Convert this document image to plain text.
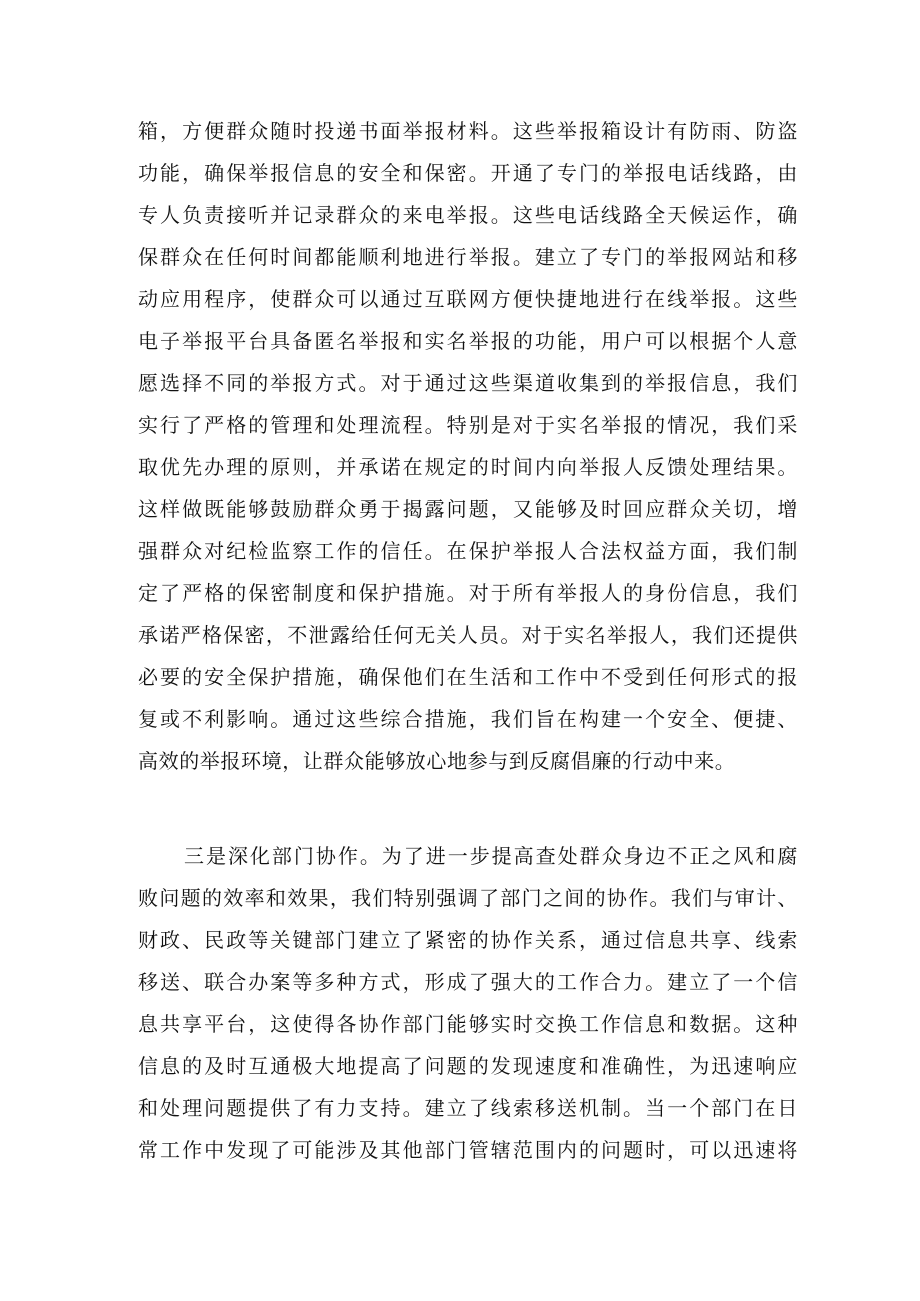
箱，方便群众随时投递书面举报材料。这些举报箱设计有防雨、防盗
功能，确保举报信息的安全和保密。开通了专门的举报电话线路，由
专人负责接听并记录群众的来电举报。这些电话线路全天候运作，确
保群众在任何时间都能顺利地进行举报。建立了专门的举报网站和移
动应用程序，使群众可以通过互联网方便快捷地进行在线举报。这些
电子举报平台具备匿名举报和实名举报的功能，用户可以根据个人意
愿选择不同的举报方式。对于通过这些渠道收集到的举报信息，我们
实行了严格的管理和处理流程。特别是对于实名举报的情况，我们采
取优先办理的原则，并承诺在规定的时间内向举报人反馈处理结果。
这样做既能够鼓励群众勇于揭露问题，又能够及时回应群众关切，增
强群众对纪检监察工作的信任。在保护举报人合法权益方面，我们制
定了严格的保密制度和保护措施。对于所有举报人的身份信息，我们
承诺严格保密，不泄露给任何无关人员。对于实名举报人，我们还提供
必要的安全保护措施，确保他们在生活和工作中不受到任何形式的报
复或不利影响。通过这些综合措施，我们旨在构建一个安全、便捷、
高效的举报环境，让群众能够放心地参与到反腐倡廉的行动中来。
三是深化部门协作。为了进一步提高查处群众身边不正之风和腐
败问题的效率和效果，我们特别强调了部门之间的协作。我们与审计、
财政、民政等关键部门建立了紧密的协作关系，通过信息共享、线索
移送、联合办案等多种方式，形成了强大的工作合力。建立了一个信
息共享平台，这使得各协作部门能够实时交换工作信息和数据。这种
信息的及时互通极大地提高了问题的发现速度和准确性，为迅速响应
和处理问题提供了有力支持。建立了线索移送机制。当一个部门在日
常工作中发现了可能涉及其他部门管辖范围内的问题时，可以迅速将
